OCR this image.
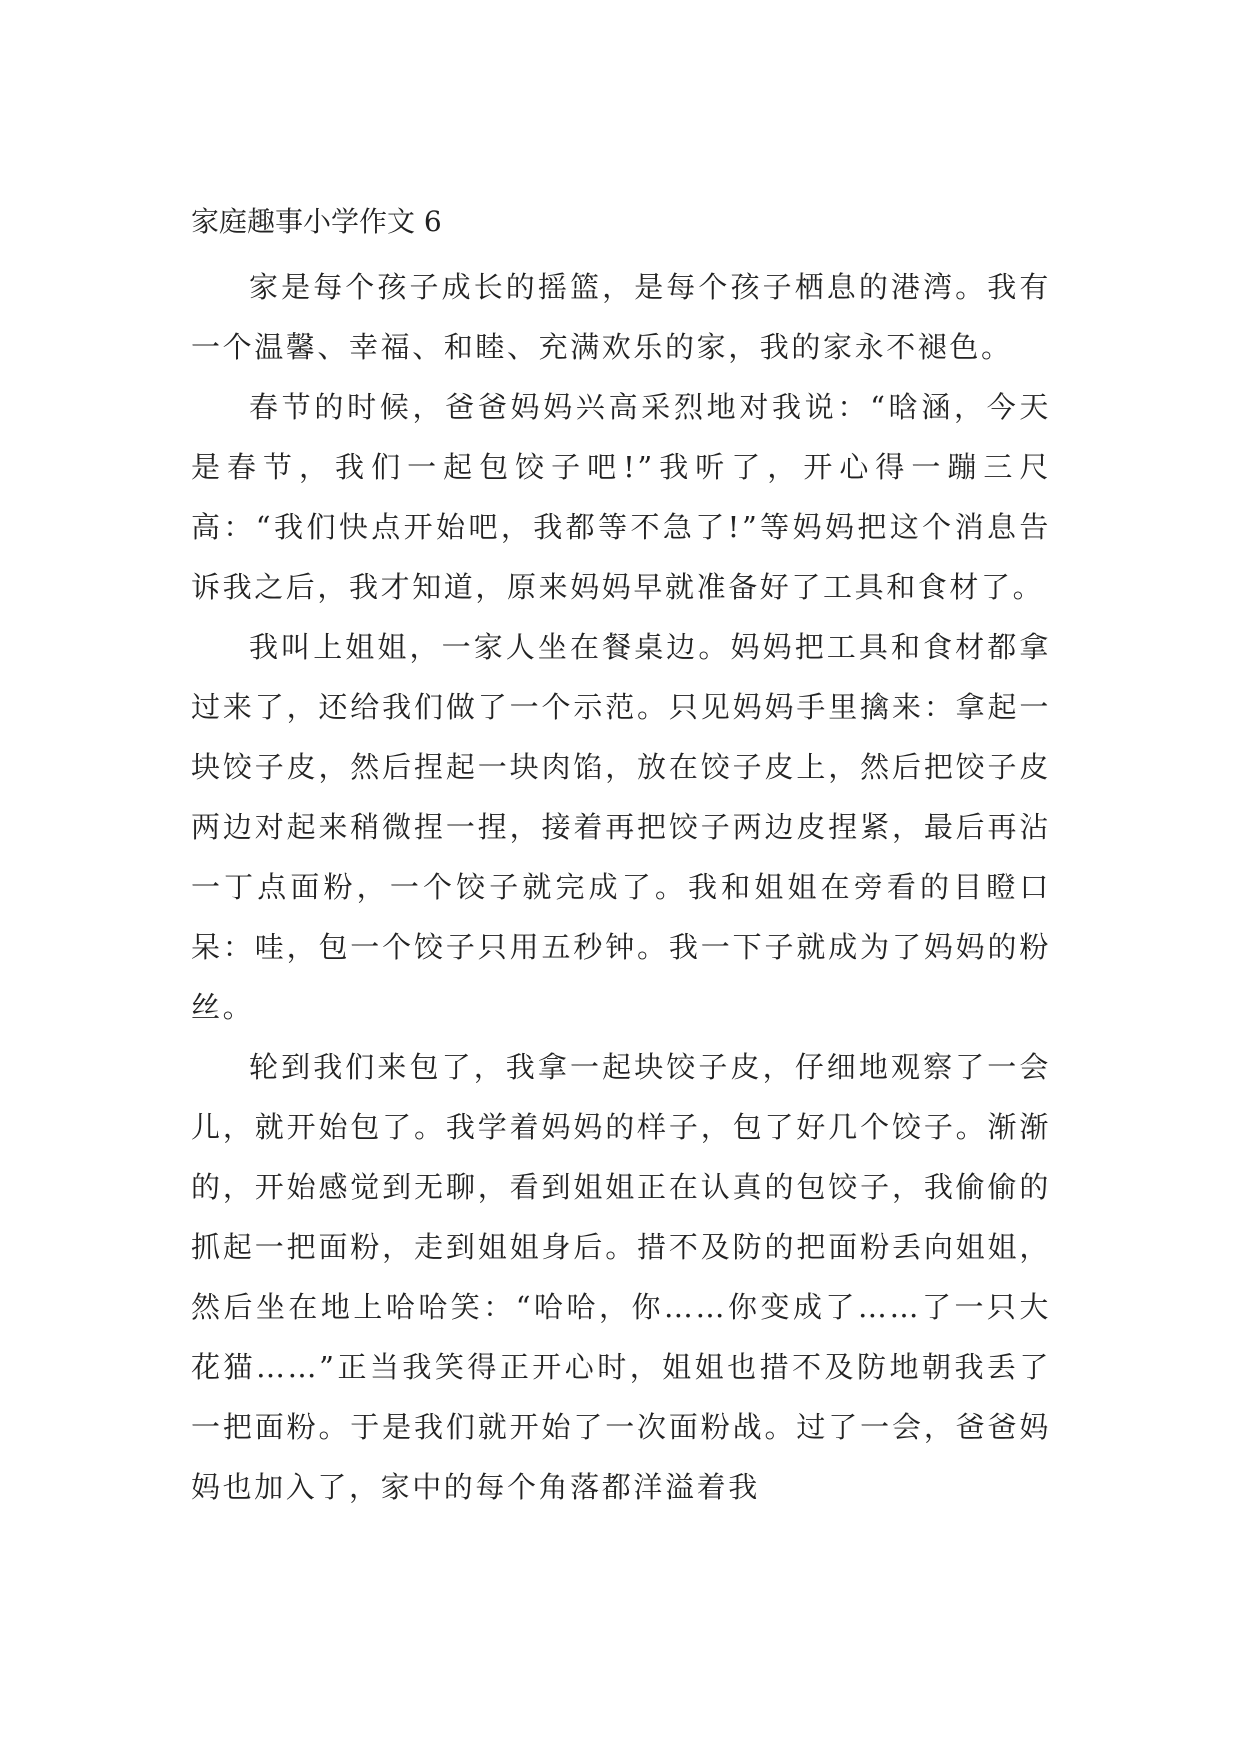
家庭趣事小学作文 6

家是每个孩子成长的摇篮，是每个孩子栖息的港湾。我有一个温馨、幸福、和睦、充满欢乐的家，我的家永不褪色。

春节的时候，爸爸妈妈兴高采烈地对我说：“晗涵，今天是春节，我们一起包饺子吧!”我听了，开心得一蹦三尺高：“我们快点开始吧，我都等不急了!”等妈妈把这个消息告诉我之后，我才知道，原来妈妈早就准备好了工具和食材了。

我叫上姐姐，一家人坐在餐桌边。妈妈把工具和食材都拿过来了，还给我们做了一个示范。只见妈妈手里擒来：拿起一块饺子皮，然后捏起一块肉馅，放在饺子皮上，然后把饺子皮两边对起来稍微捏一捏，接着再把饺子两边皮捏紧，最后再沾一丁点面粉，一个饺子就完成了。我和姐姐在旁看的目瞪口呆：哇，包一个饺子只用五秒钟。我一下子就成为了妈妈的粉丝。

轮到我们来包了，我拿一起块饺子皮，仔细地观察了一会儿，就开始包了。我学着妈妈的样子，包了好几个饺子。渐渐的，开始感觉到无聊，看到姐姐正在认真的包饺子，我偷偷的抓起一把面粉，走到姐姐身后。措不及防的把面粉丢向姐姐，然后坐在地上哈哈笑：“哈哈，你……你变成了……了一只大花猫……”正当我笑得正开心时，姐姐也措不及防地朝我丢了一把面粉。于是我们就开始了一次面粉战。过了一会，爸爸妈妈也加入了，家中的每个角落都洋溢着我
